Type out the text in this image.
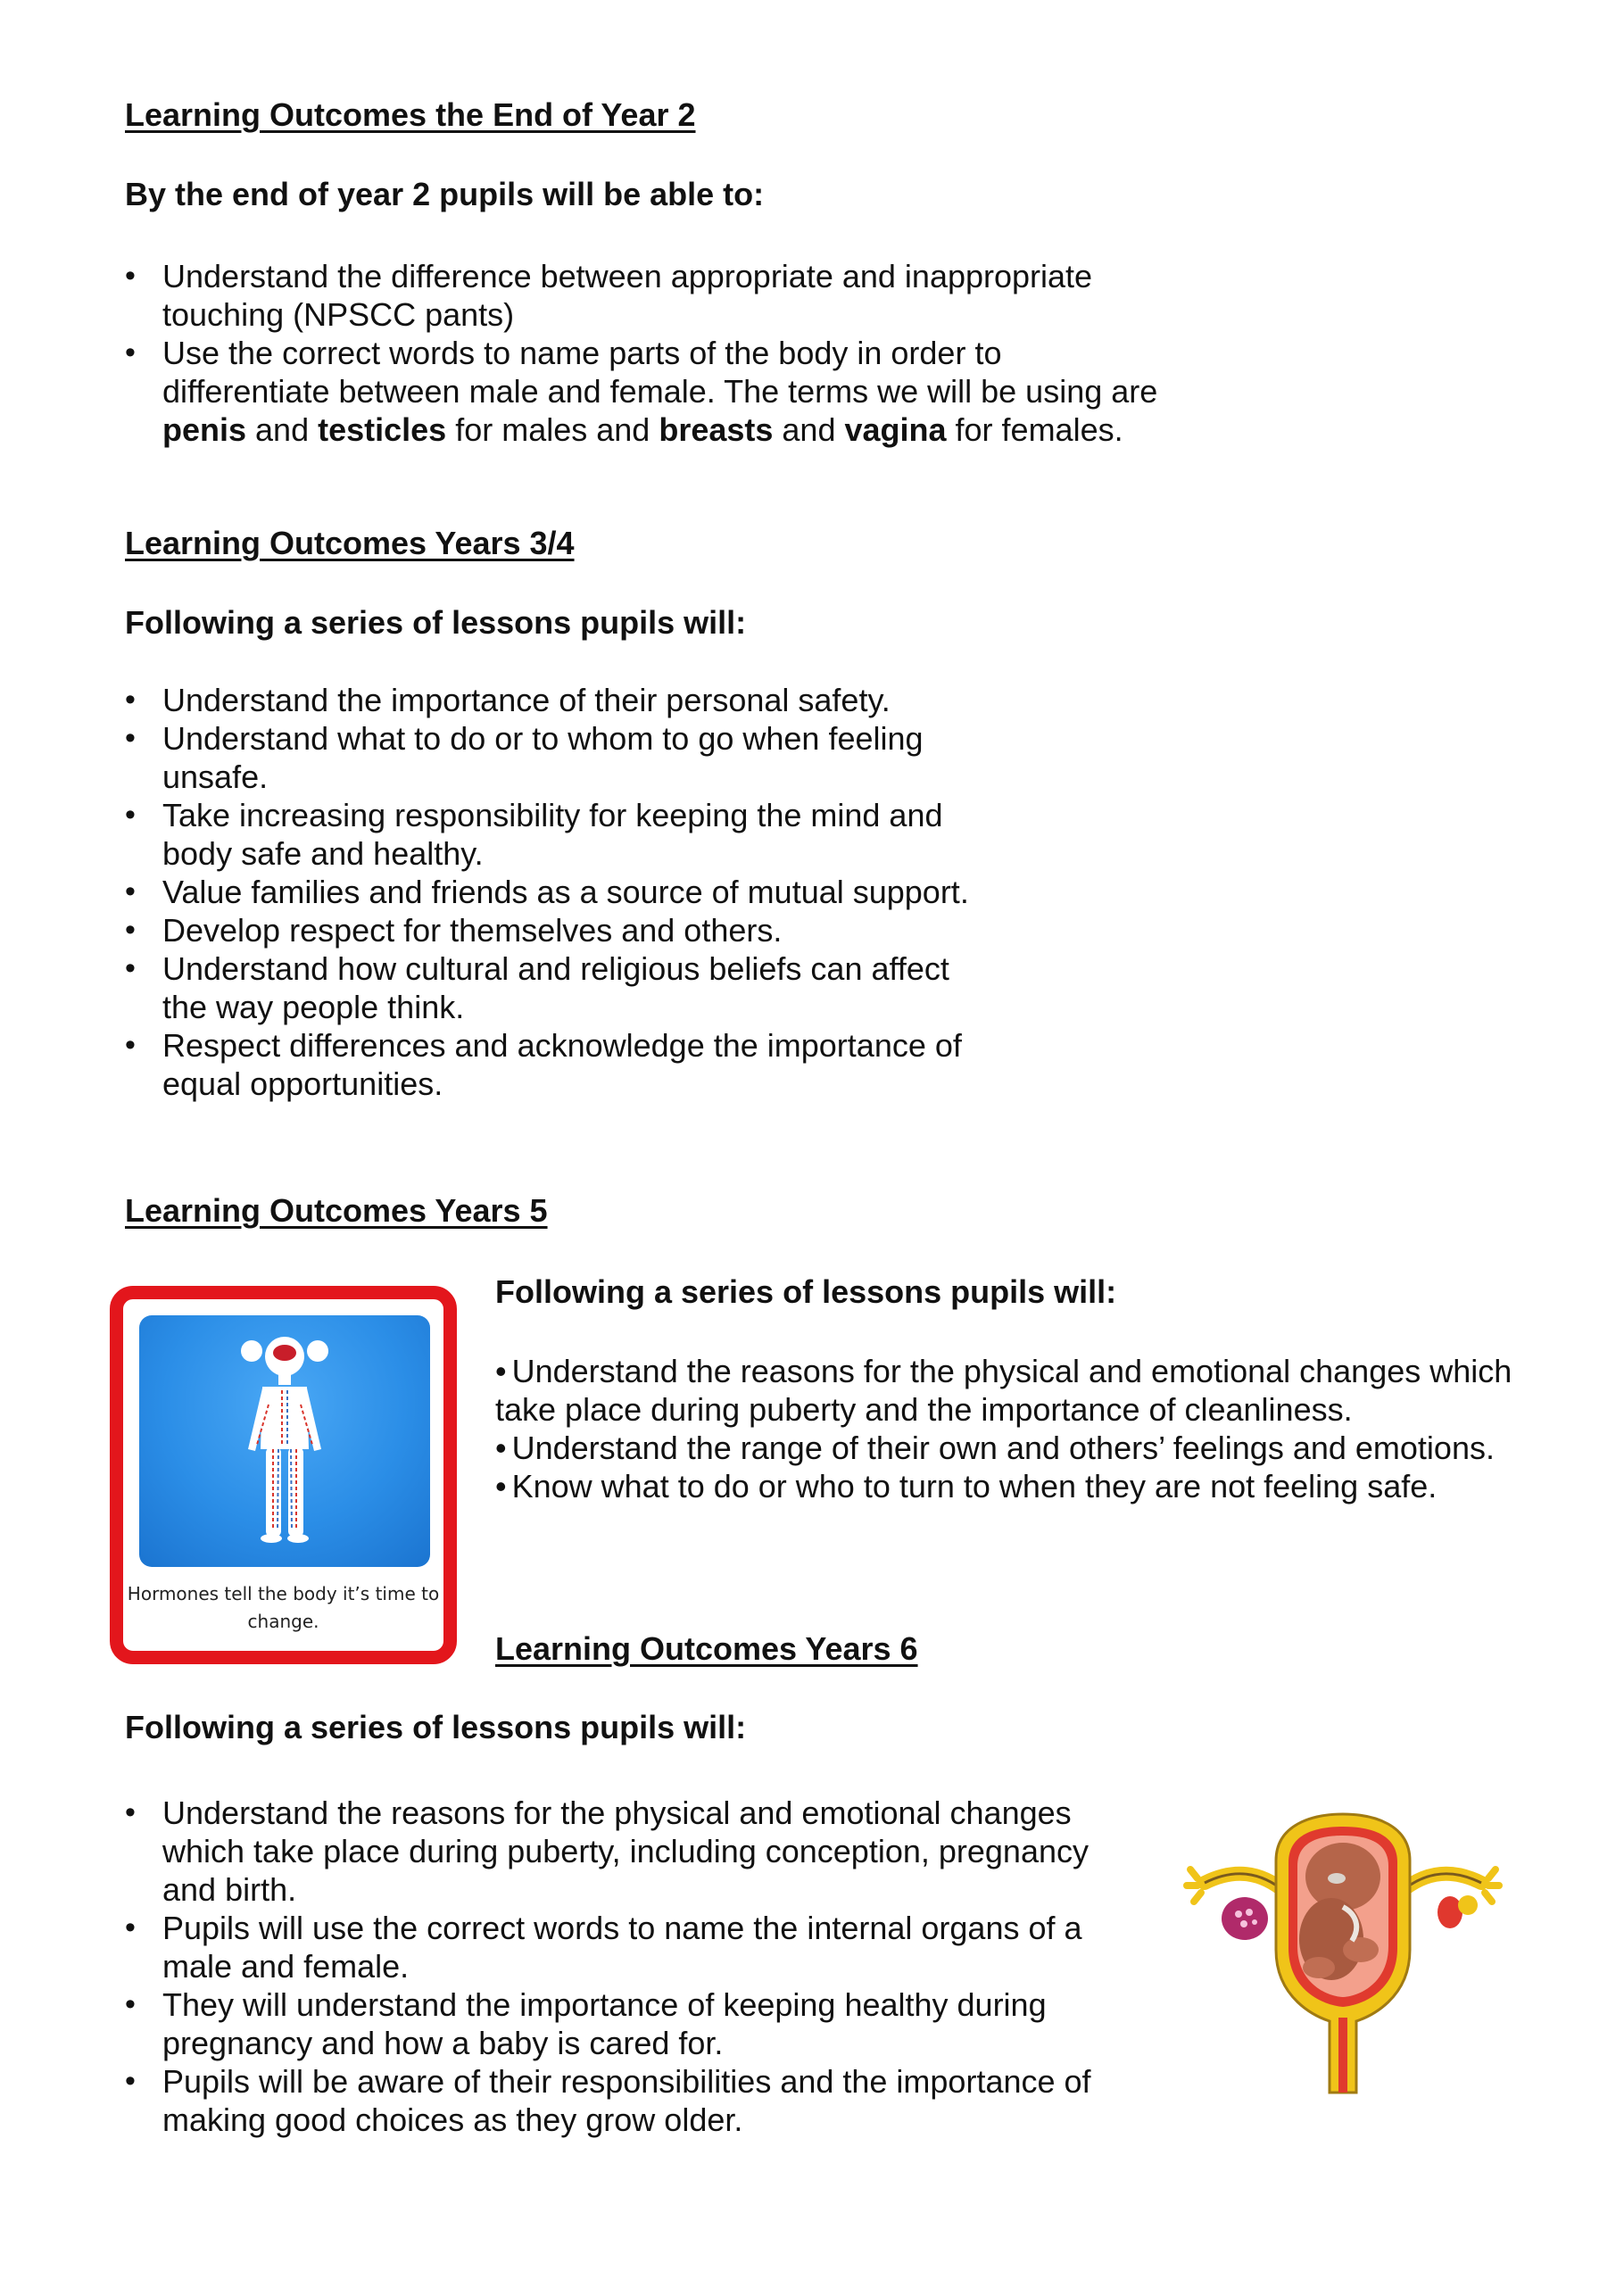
Learning Outcomes the End of Year 2

By the end of year 2 pupils will be able to:

• Understand the difference between appropriate and inappropriate touching (NPSCC pants)
• Use the correct words to name parts of the body in order to differentiate between male and female. The terms we will be using are penis and testicles for males and breasts and vagina for females.
Learning Outcomes Years 3/4

Following a series of lessons pupils will:

• Understand the importance of their personal safety.
• Understand what to do or to whom to go when feeling unsafe.
• Take increasing responsibility for keeping the mind and body safe and healthy.
• Value families and friends as a source of mutual support.
• Develop respect for themselves and others.
• Understand how cultural and religious beliefs can affect the way people think.
• Respect differences and acknowledge the importance of equal opportunities.
Learning Outcomes Years 5
Hormones tell the body it’s time to change.

Following a series of lessons pupils will:

• Understand the reasons for the physical and emotional changes which take place during puberty and the importance of cleanliness.
• Understand the range of their own and others’ feelings and emotions.
• Know what to do or who to turn to when they are not feeling safe.
Learning Outcomes Years 6

Following a series of lessons pupils will:

• Understand the reasons for the physical and emotional changes which take place during puberty, including conception, pregnancy and birth.
• Pupils will use the correct words to name the internal organs of a male and female.
• They will understand the importance of keeping healthy during pregnancy and how a baby is cared for.
• Pupils will be aware of their responsibilities and the importance of making good choices as they grow older.
